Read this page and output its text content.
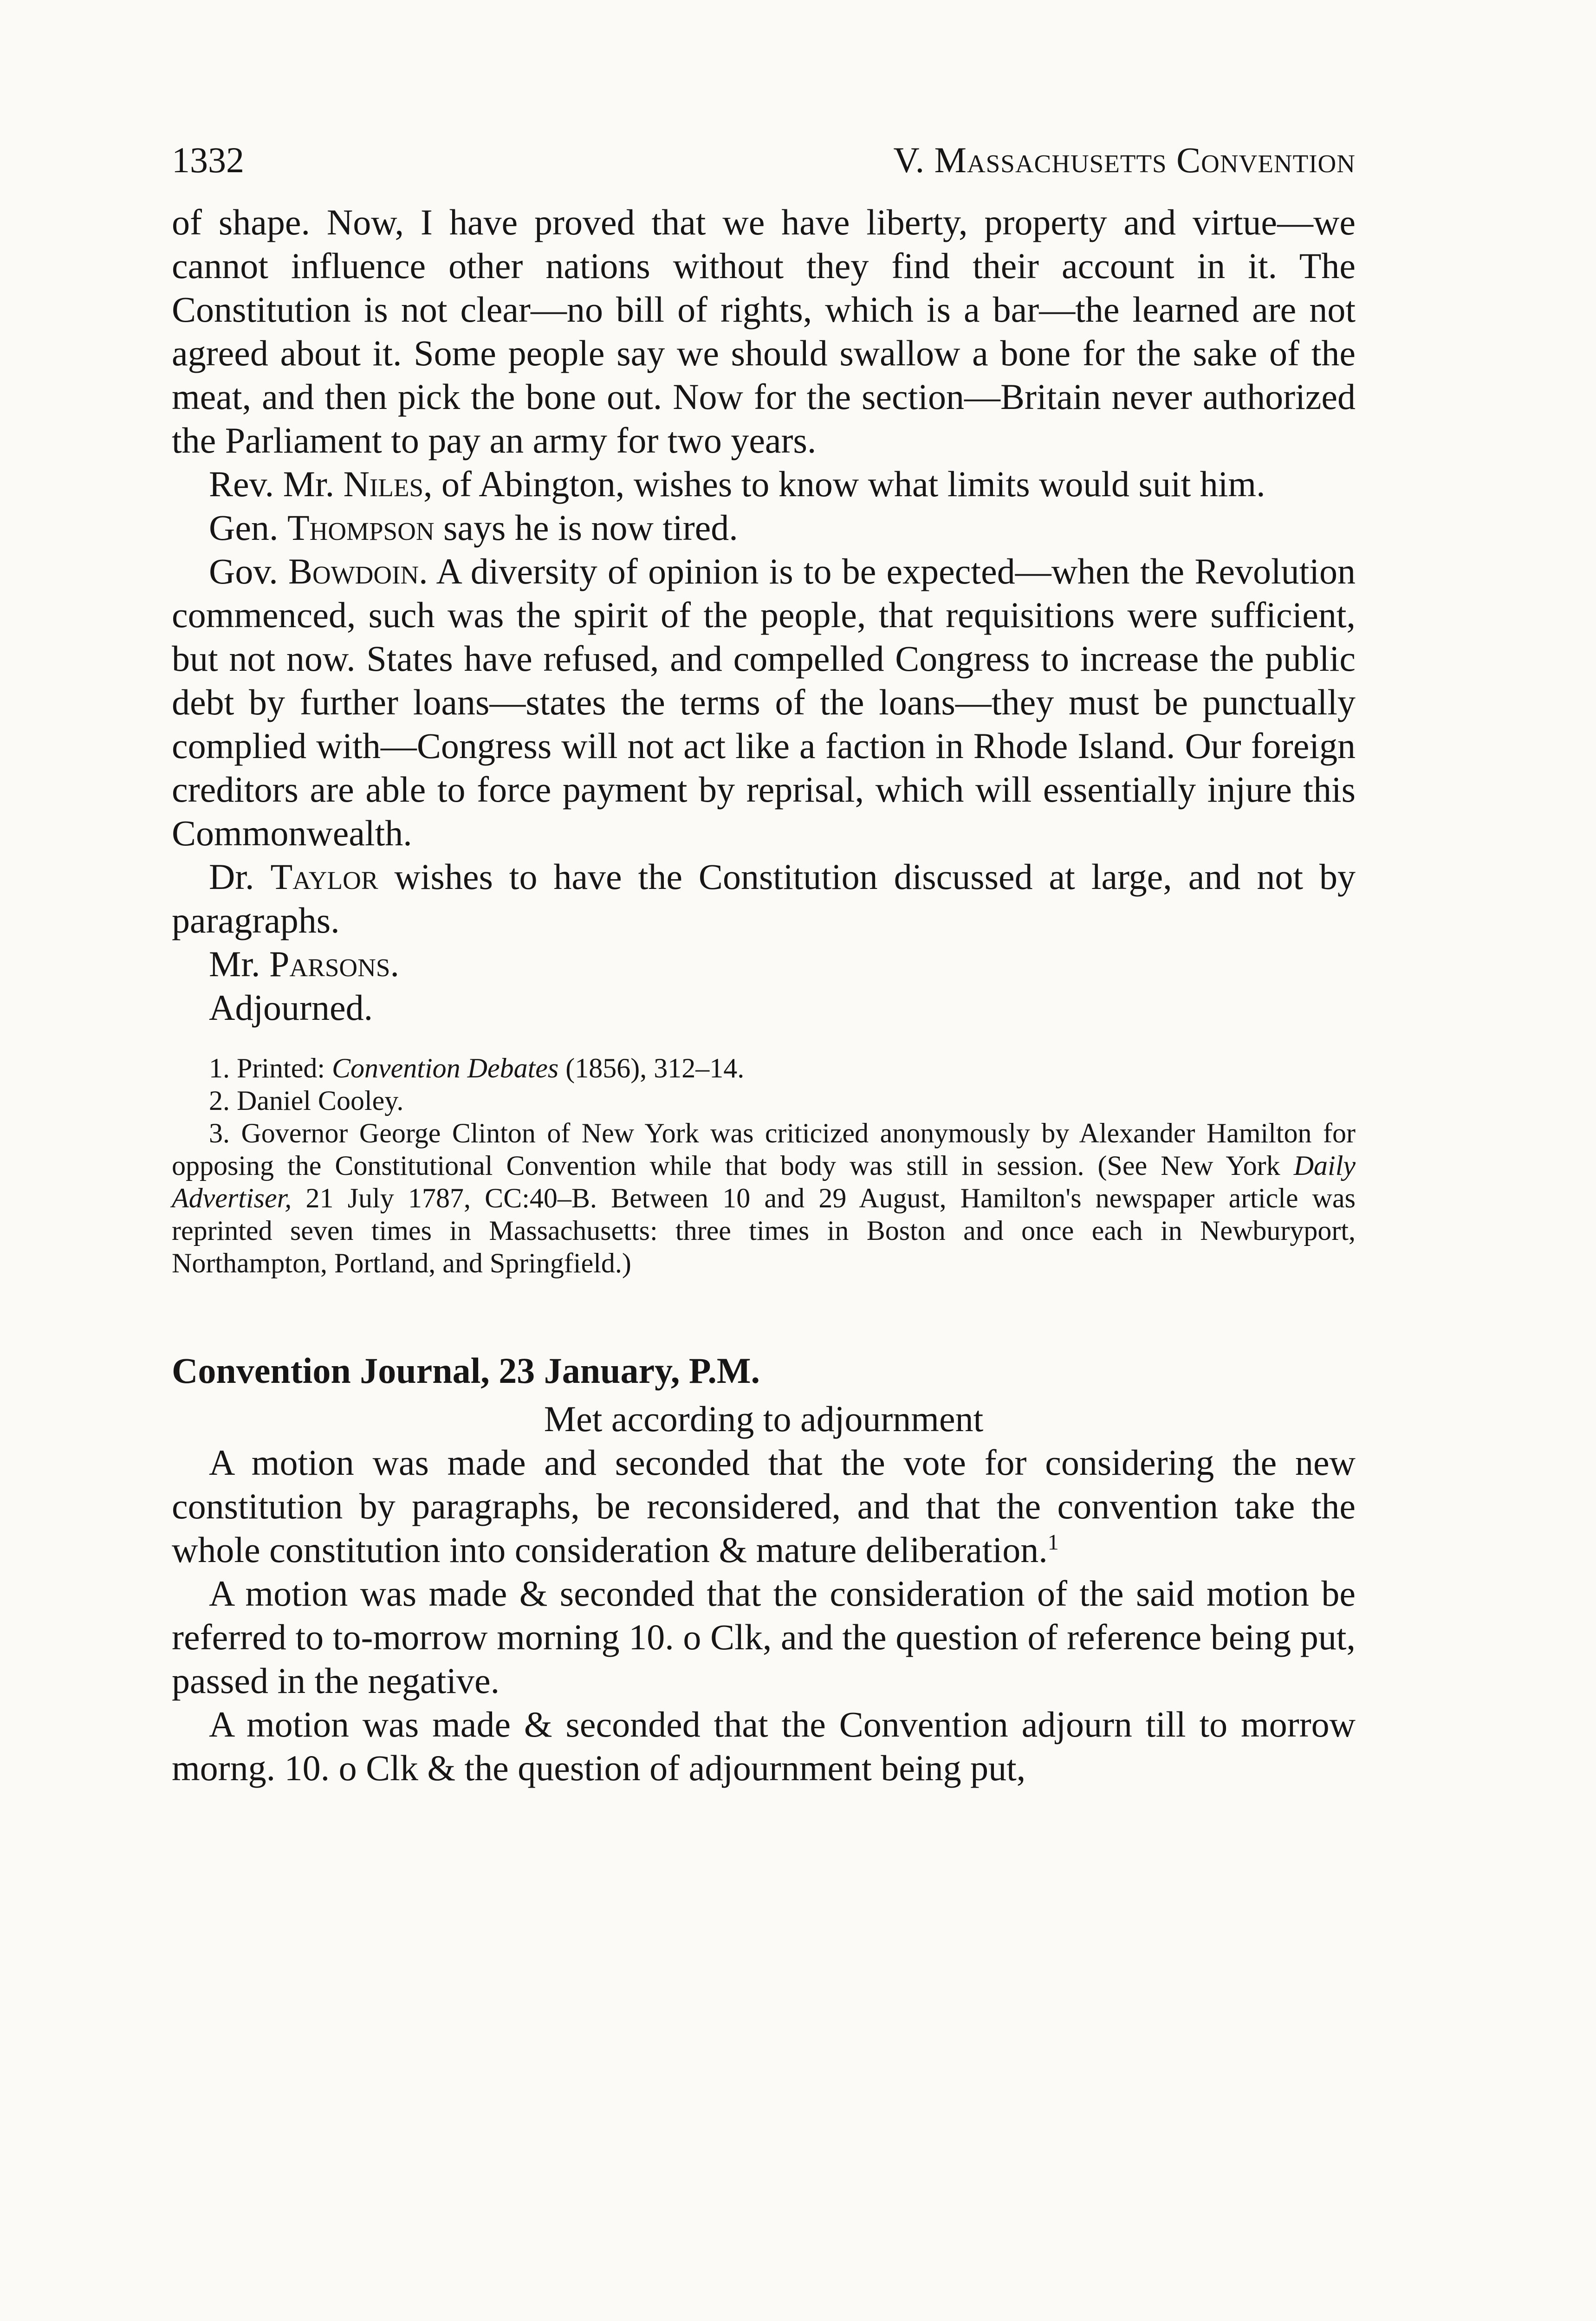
1332	V. Massachusetts Convention

of shape. Now, I have proved that we have liberty, property and virtue—we cannot influence other nations without they find their account in it. The Constitution is not clear—no bill of rights, which is a bar—the learned are not agreed about it. Some people say we should swallow a bone for the sake of the meat, and then pick the bone out. Now for the section—Britain never authorized the Parliament to pay an army for two years.

Rev. Mr. Niles, of Abington, wishes to know what limits would suit him.

Gen. Thompson says he is now tired.

Gov. Bowdoin. A diversity of opinion is to be expected—when the Revolution commenced, such was the spirit of the people, that requisitions were sufficient, but not now. States have refused, and compelled Congress to increase the public debt by further loans—states the terms of the loans—they must be punctually complied with—Congress will not act like a faction in Rhode Island. Our foreign creditors are able to force payment by reprisal, which will essentially injure this Commonwealth.

Dr. Taylor wishes to have the Constitution discussed at large, and not by paragraphs.

Mr. Parsons.

Adjourned.

1. Printed: Convention Debates (1856), 312–14.

2. Daniel Cooley.

3. Governor George Clinton of New York was criticized anonymously by Alexander Hamilton for opposing the Constitutional Convention while that body was still in session. (See New York Daily Advertiser, 21 July 1787, CC:40–B. Between 10 and 29 August, Hamilton's newspaper article was reprinted seven times in Massachusetts: three times in Boston and once each in Newburyport, Northampton, Portland, and Springfield.)

Convention Journal, 23 January, P.M.
Met according to adjournment

A motion was made and seconded that the vote for considering the new constitution by paragraphs, be reconsidered, and that the convention take the whole constitution into consideration & mature deliberation.$^1$

A motion was made & seconded that the consideration of the said motion be referred to to-morrow morning 10. o Clk, and the question of reference being put, passed in the negative.

A motion was made & seconded that the Convention adjourn till to morrow morng. 10. o Clk & the question of adjournment being put,
